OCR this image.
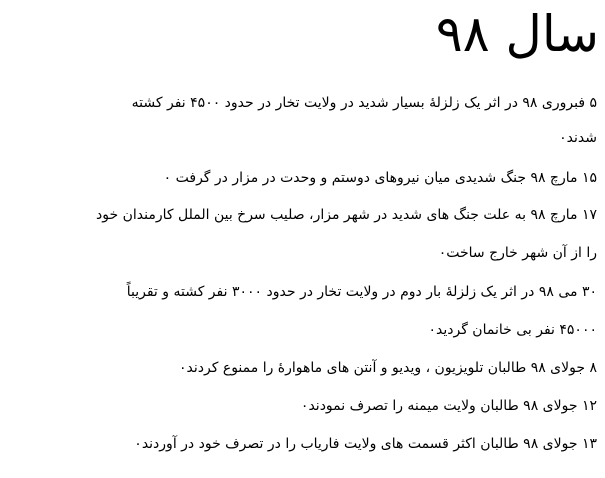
سال ۹۸
۵ فبروری ۹۸ در اثر یک زلزلهٔ بسیار شدید در ولایت تخار در حدود ۴۵۰۰ نفر کشته
شدند٠
۱۵ مارچ ۹۸ جنگ شدیدی میان نیروهای دوستم و وحدت در مزار در گرفت ٠
۱۷ مارچ ۹۸ به علت جنگ های شدید در شهر مزار، صلیب سرخ بین الملل کارمندان خود
را از آن شهر خارج ساخت٠
۳۰ می ۹۸ در اثر یک زلزلهٔ بار دوم در ولایت تخار در حدود ۳۰۰۰ نفر کشته و تقریباً
۴۵۰۰۰ نفر بی خانمان گردید٠
۸ جولای ۹۸ طالبان تلویزیون ، ویدیو و آنتن های ماهوارهٔ را ممنوع کردند٠
۱۲ جولای ۹۸ طالبان ولایت میمنه را تصرف نمودند٠
۱۳ جولای ۹۸ طالبان اکثر قسمت های ولایت فاریاب را در تصرف خود در آوردند٠
